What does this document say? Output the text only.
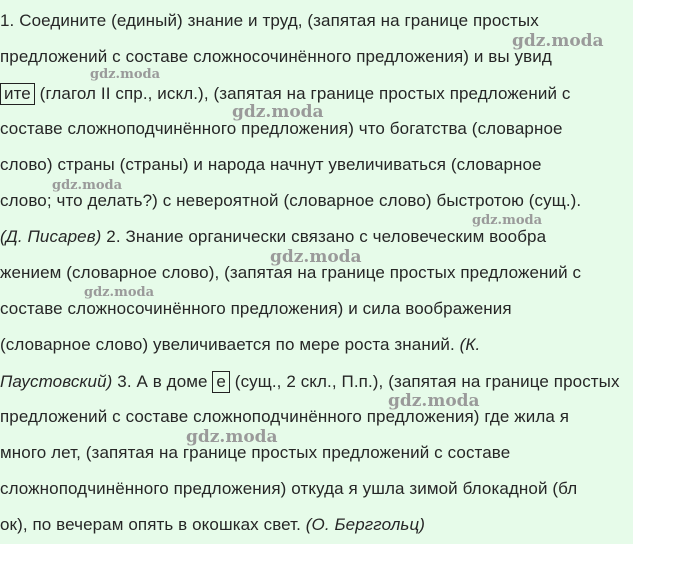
1. Соедините (единый) знание и труд, (запятая на границе простых
предложений с составе сложносочинённого предложения) и вы увид
ите (глагол II спр., искл.), (запятая на границе простых предложений с
составе сложноподчинённого предложения) что богатства (словарное
слово) страны (страны) и народа начнут увеличиваться (словарное
слово; что делать?) с невероятной (словарное слово) быстротою (сущ.).
(Д. Писарев) 2. Знание органически связано с человеческим вообра
жением (словарное слово), (запятая на границе простых предложений с
составе сложносочинённого предложения) и сила воображения
(словарное слово) увеличивается по мере роста знаний. (К.
Паустовский) 3. А в доме е (сущ., 2 скл., П.п.), (запятая на границе простых
предложений с составе сложноподчинённого предложения) где жила я
много лет, (запятая на границе простых предложений с составе
сложноподчинённого предложения) откуда я ушла зимой блокадной (бл
ок), по вечерам опять в окошках свет. (О. Берггольц)
gdz.moda
gdz.moda
gdz.moda
gdz.moda
gdz.moda
gdz.moda
gdz.moda
gdz.moda
gdz.moda
